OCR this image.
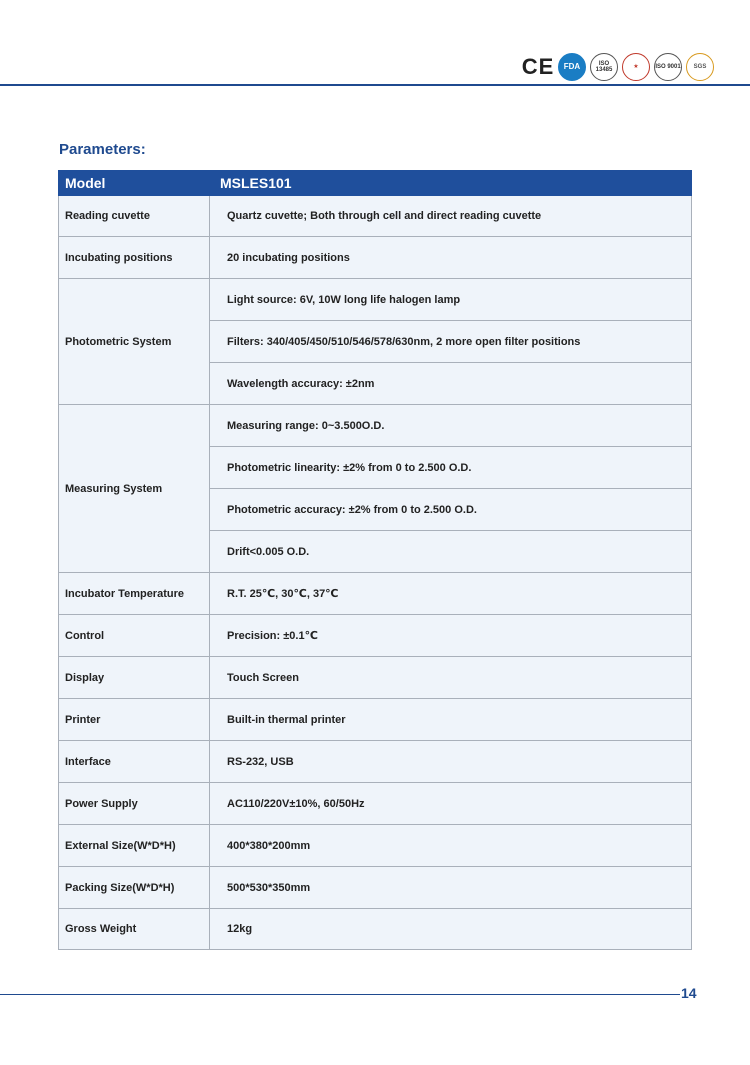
CE	FDA	ISO 13485	★	ISO 9001	SGS
Parameters:
Model	MSLES101
Reading cuvette	Quartz cuvette; Both through cell and direct reading cuvette
Incubating positions	20 incubating positions
Photometric System	Light source: 6V, 10W long life halogen lamp
	Filters: 340/405/450/510/546/578/630nm, 2 more open filter positions
	Wavelength accuracy: ±2nm
Measuring System	Measuring range: 0~3.500O.D.
	Photometric linearity: ±2% from 0 to 2.500 O.D.
	Photometric accuracy: ±2% from 0 to 2.500 O.D.
	Drift<0.005 O.D.
Incubator Temperature	R.T. 25℃, 30℃, 37℃
Control	Precision: ±0.1℃
Display	Touch Screen
Printer	Built-in thermal printer
Interface	RS-232, USB
Power Supply	AC110/220V±10%, 60/50Hz
External Size(W*D*H)	400*380*200mm
Packing Size(W*D*H)	500*530*350mm
Gross Weight	12kg
14
